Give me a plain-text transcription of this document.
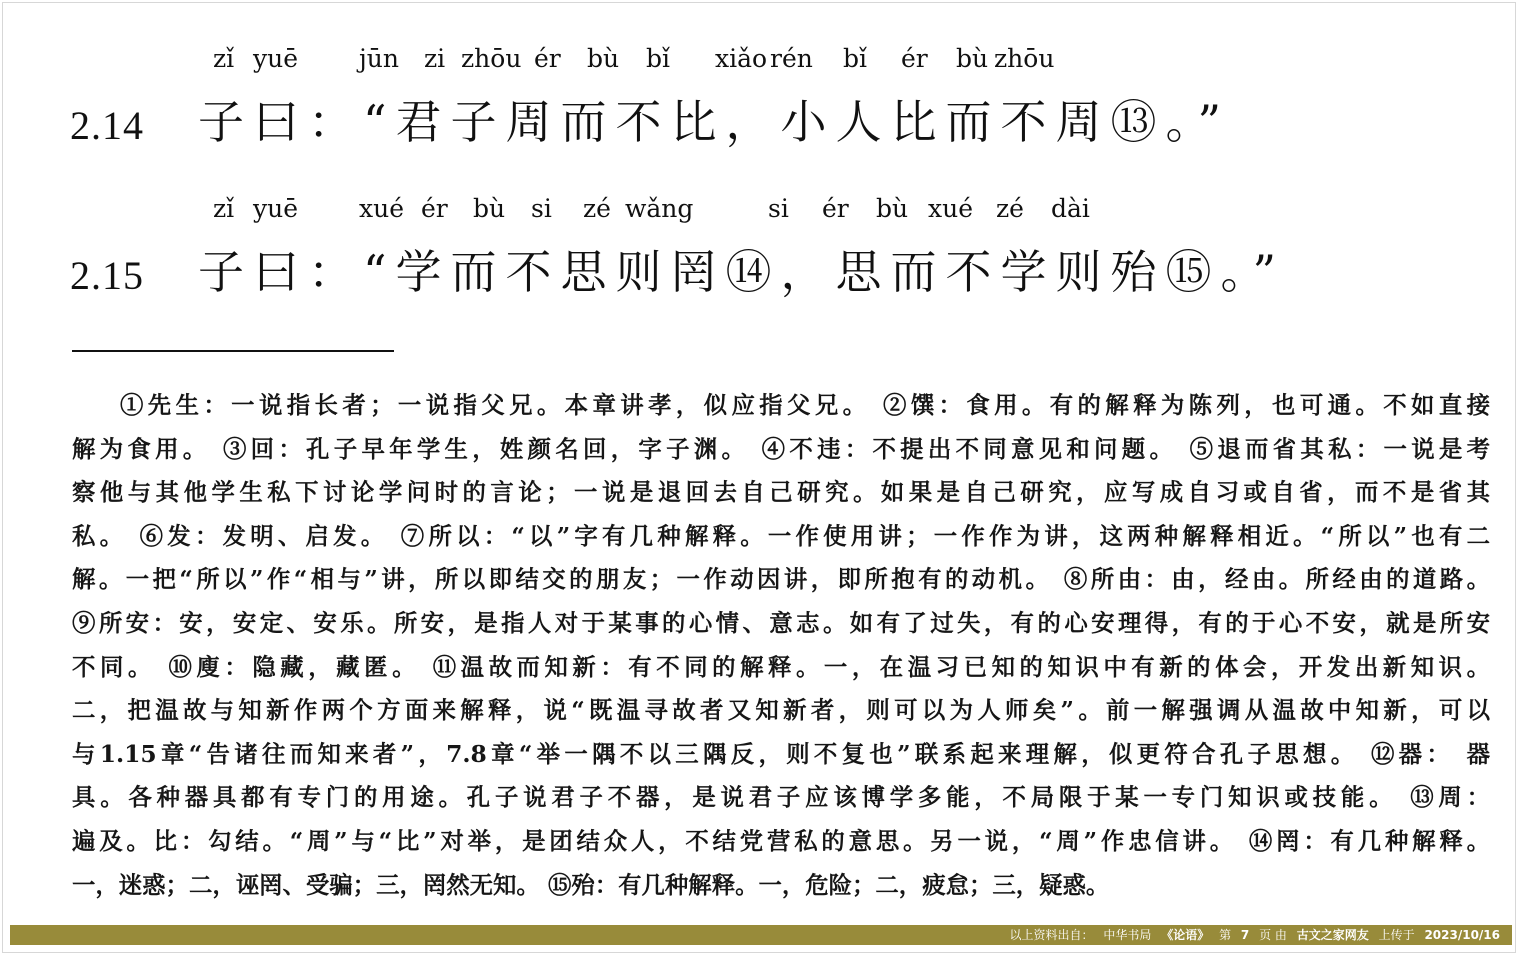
zǐ yuē jūn zi zhōu ér bù bǐ xiǎo rén bǐ ér bù zhōu
2.14 子曰：“君子周而不比，小人比而不周⑬。”
zǐ yuē xué ér bù si zé wǎng	si ér bù xué zé dài
2.15 子曰：“学而不思则罔⑭，思而不学则殆⑮。”
①先生：一说指长者；一说指父兄。本章讲孝，似应指父兄。 ②馔：食用。有的解释为陈列，也可通。不如直接
解为食用。 ③回：孔子早年学生，姓颜名回，字子渊。 ④不违：不提出不同意见和问题。 ⑤退而省其私：一说是考
察他与其他学生私下讨论学问时的言论；一说是退回去自己研究。如果是自己研究，应写成自习或自省，而不是省其
私。 ⑥发：发明、启发。 ⑦所以：“以”字有几种解释。一作使用讲；一作作为讲，这两种解释相近。“所以”也有二
解。一把“所以”作“相与”讲，所以即结交的朋友；一作动因讲，即所抱有的动机。 ⑧所由：由，经由。所经由的道路。
⑨所安：安，安定、安乐。所安，是指人对于某事的心情、意志。如有了过失，有的心安理得，有的于心不安，就是所安
不同。 ⑩廋：隐藏，藏匿。 ⑪温故而知新：有不同的解释。一，在温习已知的知识中有新的体会，开发出新知识。
二，把温故与知新作两个方面来解释，说“既温寻故者又知新者，则可以为人师矣”。前一解强调从温故中知新，可以
与1.15章“告诸往而知来者”，7.8章“举一隅不以三隅反，则不复也”联系起来理解，似更符合孔子思想。 ⑫器： 器
具。各种器具都有专门的用途。孔子说君子不器，是说君子应该博学多能，不局限于某一专门知识或技能。 ⑬周：
遍及。比：勾结。“周”与“比”对举，是团结众人，不结党营私的意思。另一说，“周”作忠信讲。 ⑭罔：有几种解释。
一，迷惑；二，诬罔、受骗；三，罔然无知。 ⑮殆：有几种解释。一，危险；二，疲怠；三，疑惑。
以上资料出自： 中华书局 《论语》 第 7 页 由 古文之家网友 上传于 2023/10/16
